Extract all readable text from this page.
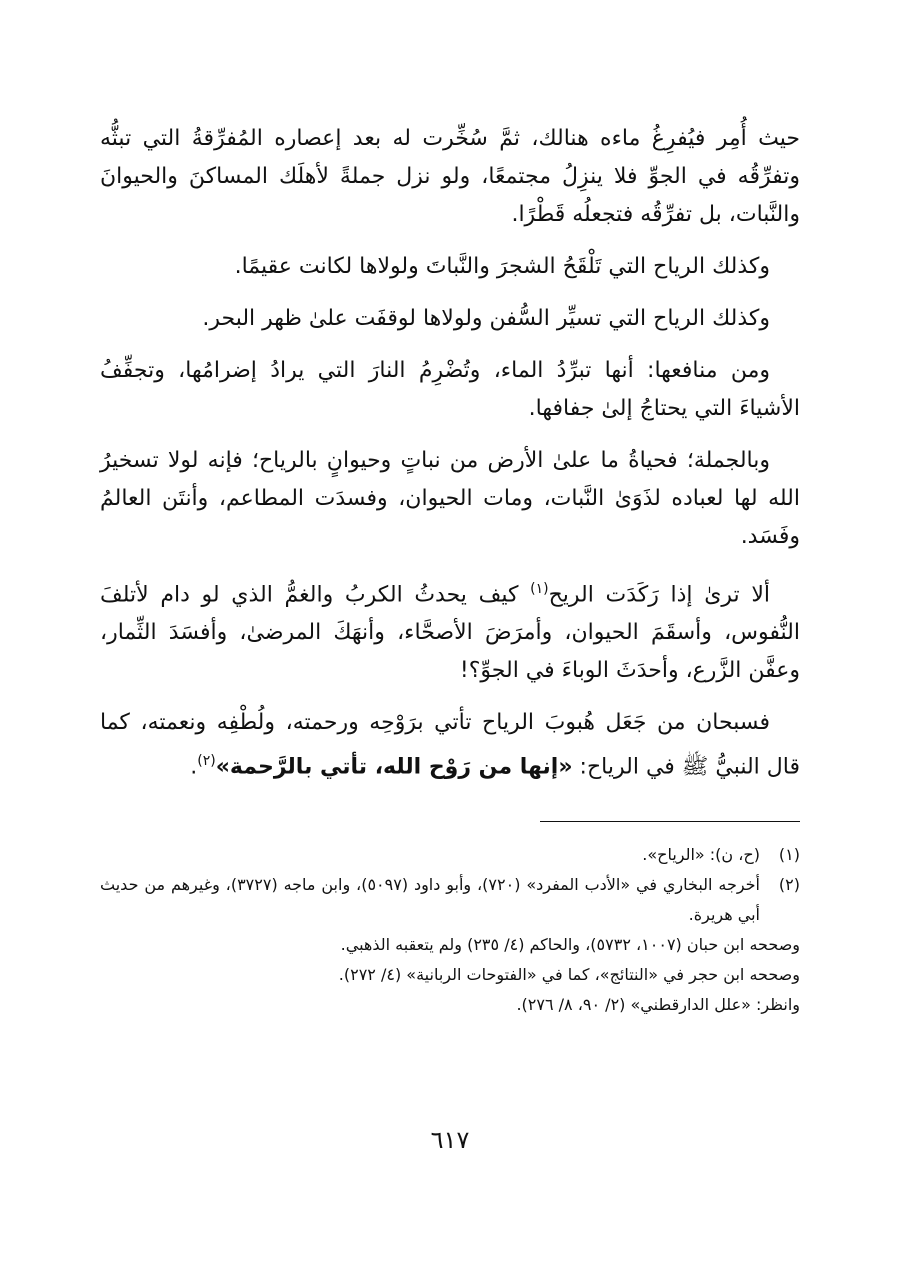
حيث أُمِر فيُفرِغُ ماءه هنالك، ثمَّ سُخِّرت له بعد إعصاره المُفرِّقةُ التي تبثُّه وتفرِّقُه في الجوِّ فلا ينزِلُ مجتمعًا، ولو نزل جملةً لأهلَك المساكنَ والحيوانَ والنَّبات، بل تفرِّقُه فتجعلُه قَطْرًا.

وكذلك الرياح التي تَلْقَحُ الشجرَ والنَّباتَ ولولاها لكانت عقيمًا.

وكذلك الرياح التي تسيِّر السُّفن ولولاها لوقفَت علىٰ ظهر البحر.

ومن منافعها: أنها تبرِّدُ الماء، وتُضْرِمُ النارَ التي يرادُ إضرامُها، وتجفِّفُ الأشياءَ التي يحتاجُ إلىٰ جفافها.

وبالجملة؛ فحياةُ ما علىٰ الأرض من نباتٍ وحيوانٍ بالرياح؛ فإنه لولا تسخيرُ الله لها لعباده لذَوَىٰ النَّبات، ومات الحيوان، وفسدَت المطاعم، وأنتَن العالمُ وفَسَد.

ألا ترىٰ إذا رَكَدَت الريح$^{(١)}$ كيف يحدثُ الكربُ والغمُّ الذي لو دام لأتلفَ النُّفوس، وأسقَمَ الحيوان، وأمرَضَ الأصحَّاء، وأنهَكَ المرضىٰ، وأفسَدَ الثِّمار، وعفَّن الزَّرع، وأحدَثَ الوباءَ في الجوِّ؟!

فسبحان من جَعَل هُبوبَ الرياح تأتي برَوْحِه ورحمته، ولُطْفِه ونعمته، كما قال النبيُّ ﷺ في الرياح: «إنها من رَوْح الله، تأتي بالرَّحمة»$^{(٢)}$.

(١)
(ح، ن): «الرياح».
(٢)
أخرجه البخاري في «الأدب المفرد» (٧٢٠)، وأبو داود (٥٠٩٧)، وابن ماجه (٣٧٢٧)، وغيرهم من حديث أبي هريرة.
وصححه ابن حبان (١٠٠٧، ٥٧٣٢)، والحاكم (٤/ ٢٣٥) ولم يتعقبه الذهبي.
وصححه ابن حجر في «النتائج»، كما في «الفتوحات الربانية» (٤/ ٢٧٢).
وانظر: «علل الدارقطني» (٢/ ٩٠، ٨/ ٢٧٦).
٦١٧
